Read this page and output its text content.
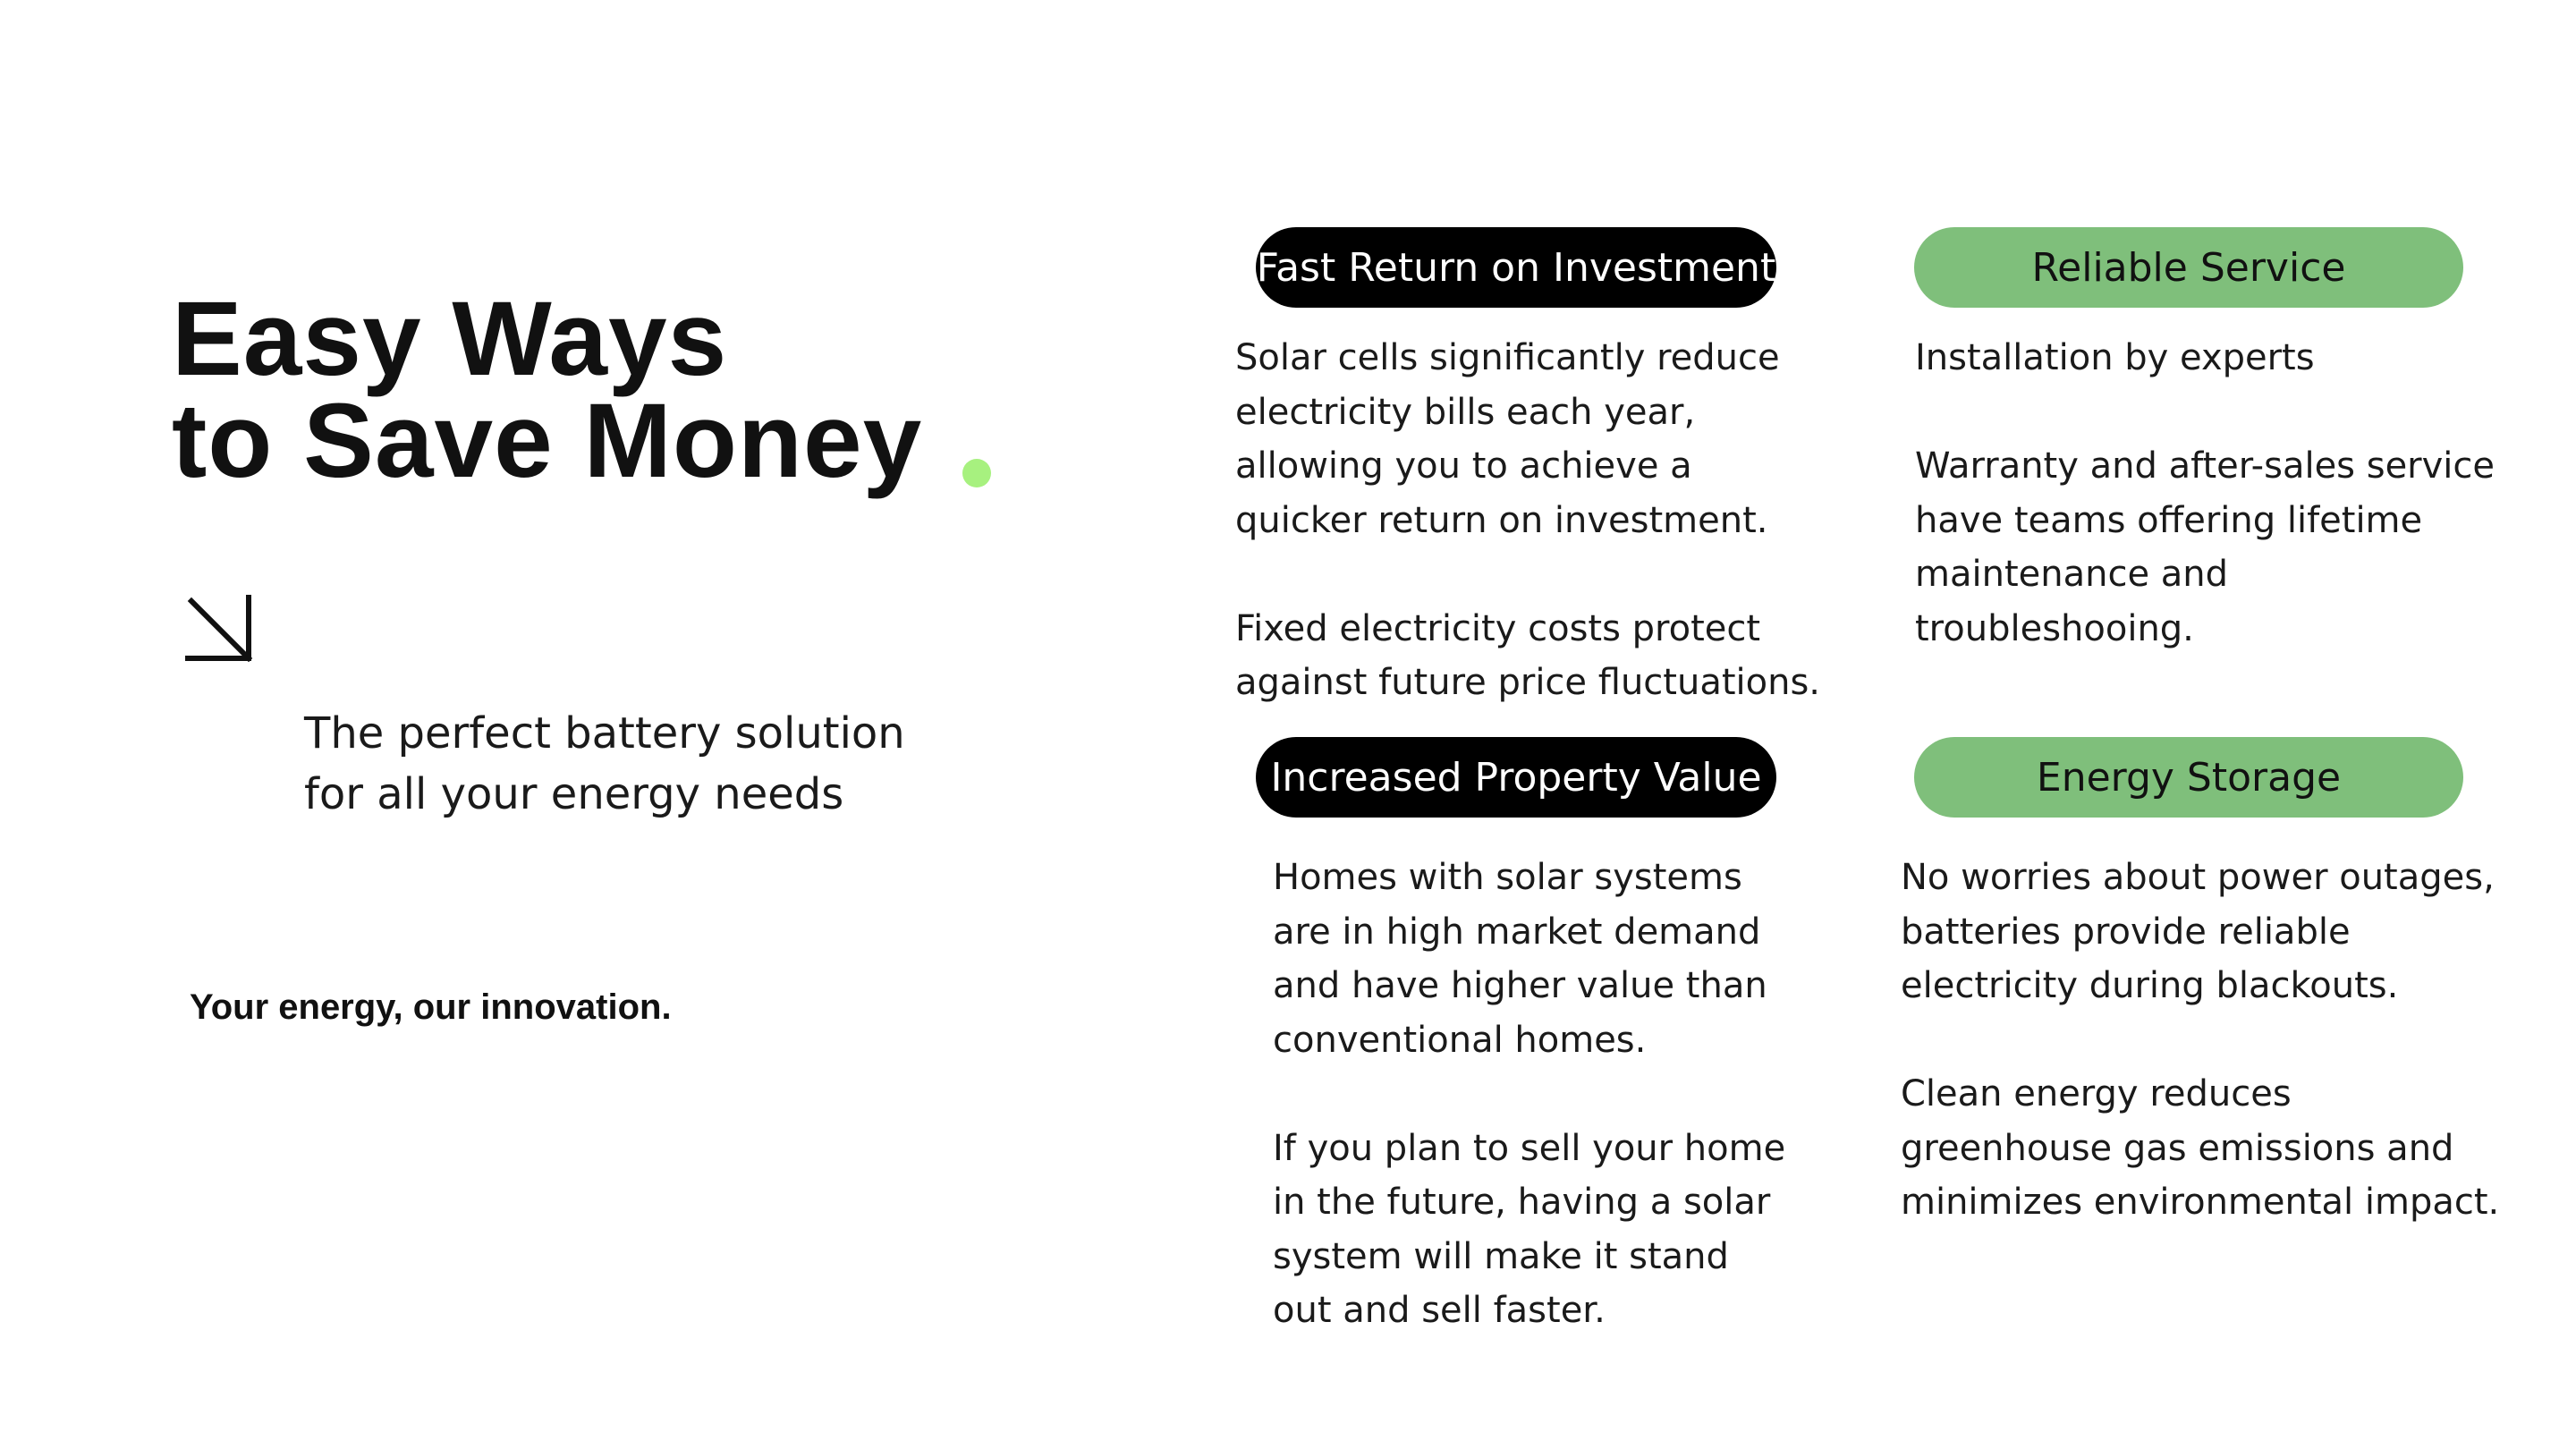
Easy Ways
to Save Money
The perfect battery solution
for all your energy needs

Your energy, our innovation.

Fast Return on Investment

Solar cells significantly reduce
electricity bills each year,
allowing you to achieve a
quicker return on investment.

Fixed electricity costs protect
against future price fluctuations.

Reliable Service

Installation by experts

Warranty and after-sales service
have teams offering lifetime
maintenance and
troubleshooing.

Increased Property Value

Homes with solar systems
are in high market demand
and have higher value than
conventional homes.

If you plan to sell your home
in the future, having a solar
system will make it stand
out and sell faster.

Energy Storage

No worries about power outages,
batteries provide reliable
electricity during blackouts.

Clean energy reduces
greenhouse gas emissions and
minimizes environmental impact.
